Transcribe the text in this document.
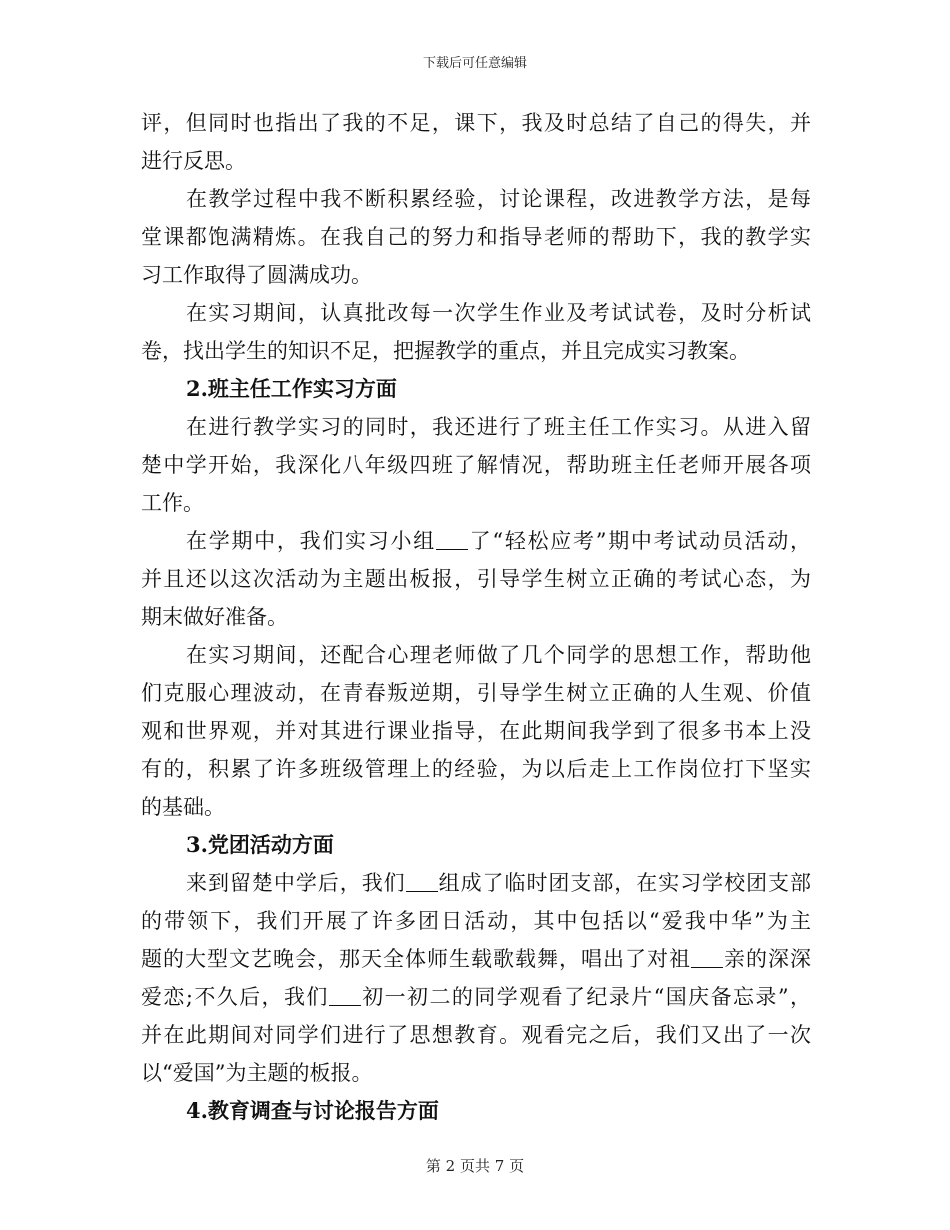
下载后可任意编辑
评，但同时也指出了我的不足，课下，我及时总结了自己的得失，并
进行反思。
在教学过程中我不断积累经验，讨论课程，改进教学方法，是每
堂课都饱满精炼。在我自己的努力和指导老师的帮助下，我的教学实
习工作取得了圆满成功。
在实习期间，认真批改每一次学生作业及考试试卷，及时分析试
卷，找出学生的知识不足，把握教学的重点，并且完成实习教案。
2.班主任工作实习方面
在进行教学实习的同时，我还进行了班主任工作实习。从进入留
楚中学开始，我深化八年级四班了解情况，帮助班主任老师开展各项
工作。
在学期中，我们实习小组 了“轻松应考”期中考试动员活动，
并且还以这次活动为主题出板报，引导学生树立正确的考试心态，为
期末做好准备。
在实习期间，还配合心理老师做了几个同学的思想工作，帮助他
们克服心理波动，在青春叛逆期，引导学生树立正确的人生观、价值
观和世界观，并对其进行课业指导，在此期间我学到了很多书本上没
有的，积累了许多班级管理上的经验，为以后走上工作岗位打下坚实
的基础。
3.党团活动方面
来到留楚中学后，我们 组成了临时团支部，在实习学校团支部
的带领下，我们开展了许多团日活动，其中包括以“爱我中华”为主
题的大型文艺晚会，那天全体师生载歌载舞，唱出了对祖 亲的深深
爱恋;不久后，我们 初一初二的同学观看了纪录片“国庆备忘录”，
并在此期间对同学们进行了思想教育。观看完之后，我们又出了一次
以“爱国”为主题的板报。
4.教育调查与讨论报告方面
第 2 页共 7 页
